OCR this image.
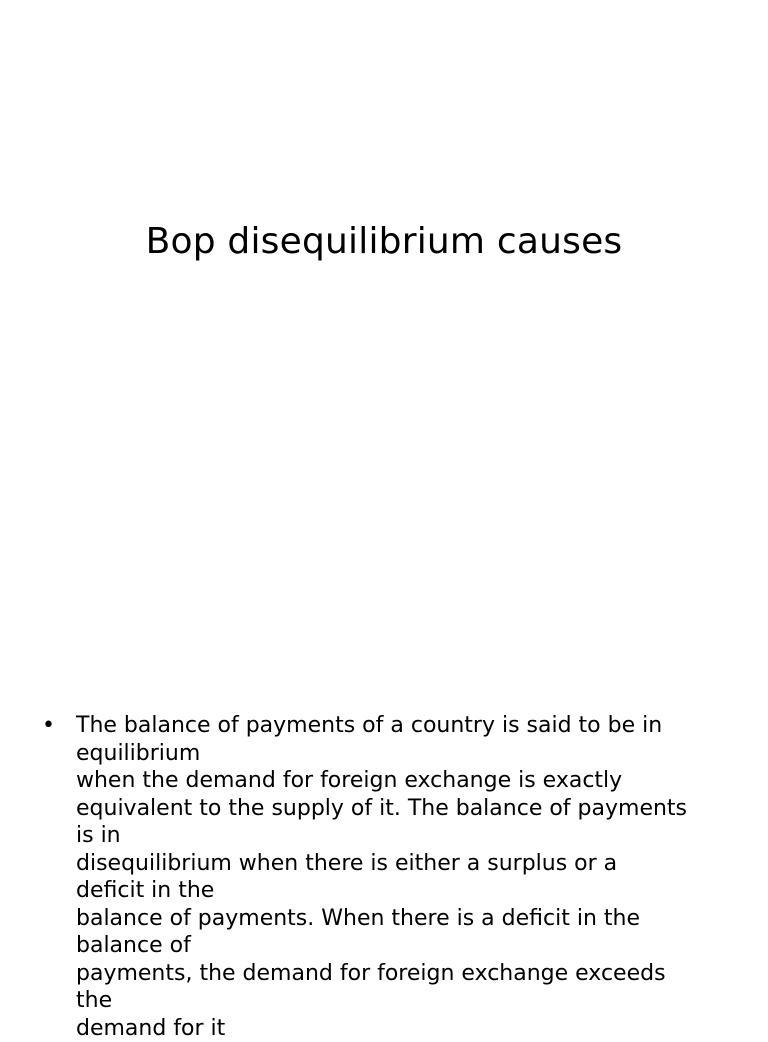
Bop disequilibrium causes
• The balance of payments of a country is said to be in
equilibrium
when the demand for foreign exchange is exactly
equivalent to the supply of it. The balance of payments
is in
disequilibrium when there is either a surplus or a
deficit in the
balance of payments. When there is a deficit in the
balance of
payments, the demand for foreign exchange exceeds
the
demand for it
